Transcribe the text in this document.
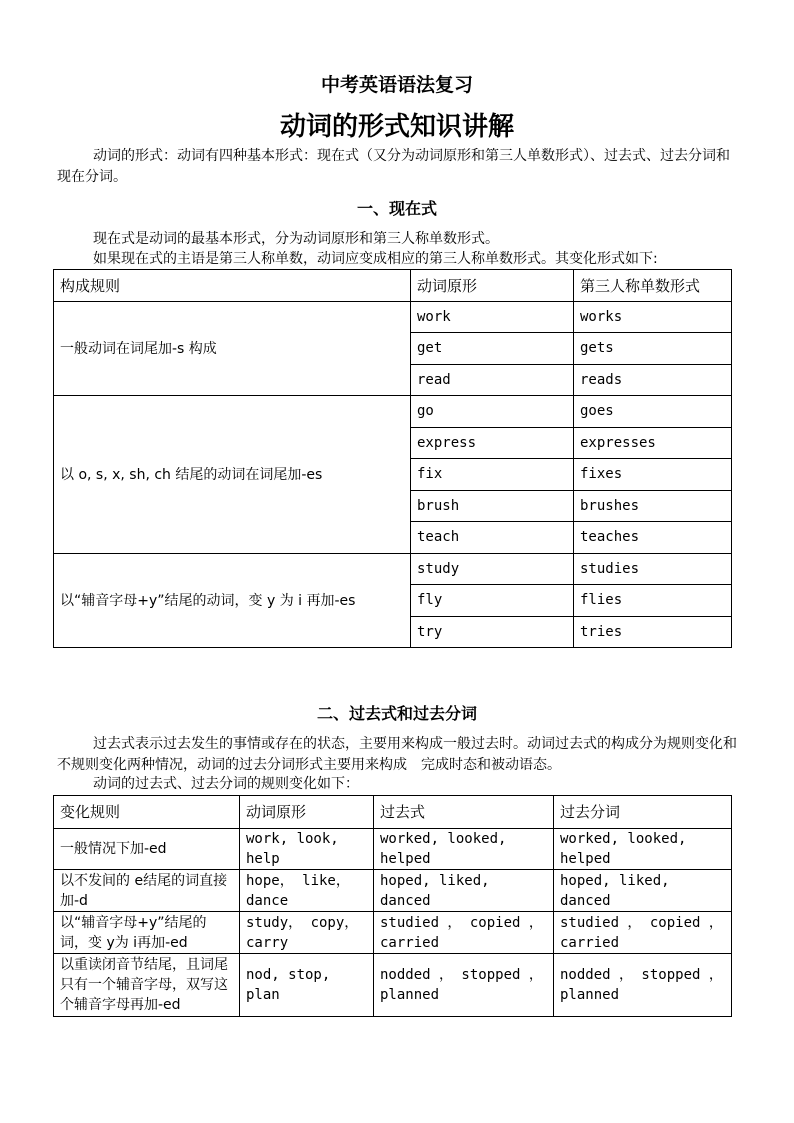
中考英语语法复习
动词的形式知识讲解
动词的形式：动词有四种基本形式：现在式（又分为动词原形和第三人单数形式）、过去式、过去分词和现在分词。
一、现在式
现在式是动词的最基本形式，分为动词原形和第三人称单数形式。
如果现在式的主语是第三人称单数，动词应变成相应的第三人称单数形式。其变化形式如下:
构成规则	动词原形	第三人称单数形式
一般动词在词尾加-s 构成	work	works
	get	gets
	read	reads
以 o, s, x, sh, ch 结尾的动词在词尾加-es	go	goes
	express	expresses
	fix	fixes
	brush	brushes
	teach	teaches
以“辅音字母+y”结尾的动词，变 y 为 i 再加-es	study	studies
	fly	flies
	try	tries
二、过去式和过去分词
过去式表示过去发生的事情或存在的状态，主要用来构成一般过去时。动词过去式的构成分为规则变化和不规则变化两种情况，动词的过去分词形式主要用来构成　完成时态和被动语态。
动词的过去式、过去分词的规则变化如下：
变化规则	动词原形	过去式	过去分词
一般情况下加-ed	work, look, help	worked, looked, helped	worked, looked, helped
以不发间的 e结尾的词直接加-d	hope， like， dance	hoped, liked, danced	hoped, liked, danced
以“辅音字母+y”结尾的词，变 y为 i再加-ed	study， copy， carry	studied ， copied ， carried	studied ， copied ， carried
以重读闭音节结尾，且词尾只有一个辅音字母，双写这个辅音字母再加-ed	nod, stop, plan	nodded ， stopped ， planned	nodded ， stopped ， planned
